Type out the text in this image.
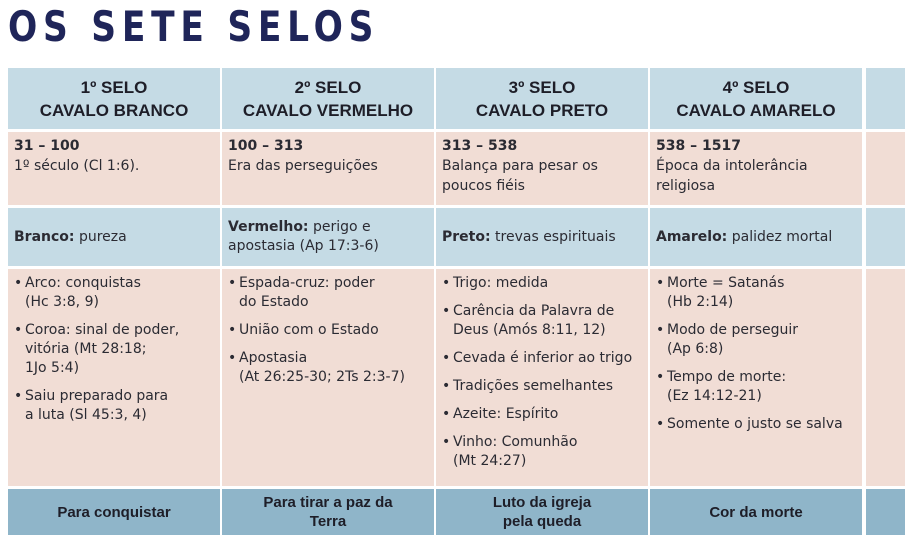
OS SETE SELOS
1º SELO
CAVALO BRANCO
2º SELO
CAVALO VERMELHO
3º SELO
CAVALO PRETO
4º SELO
CAVALO AMARELO
31 – 100
1º século (Cl 1:6).
100 – 313
Era das perseguições
313 – 538
Balança para pesar os poucos fiéis
538 – 1517
Época da intolerância religiosa
Branco: pureza
Vermelho: perigo e apostasia (Ap 17:3-6)
Preto: trevas espirituais	Amarelo: palidez mortal
• Arco: conquistas
(Hc 3:8, 9)
• Coroa: sinal de poder, vitória (Mt 28:18;
1Jo 5:4)
• Saiu preparado para
a luta (Sl 45:3, 4)
• Espada-cruz: poder
do Estado
• União com o Estado
• Apostasia
(At 26:25-30; 2Ts 2:3-7)
• Trigo: medida
• Carência da Palavra de
Deus (Amós 8:11, 12)
• Cevada é inferior ao trigo
• Tradições semelhantes
• Azeite: Espírito
• Vinho: Comunhão
(Mt 24:27)
• Morte = Satanás
(Hb 2:14)
• Modo de perseguir
(Ap 6:8)
• Tempo de morte:
(Ez 14:12-21)
• Somente o justo se salva
Para conquistar
Para tirar a paz da Terra
Luto da igreja pela queda
Cor da morte
